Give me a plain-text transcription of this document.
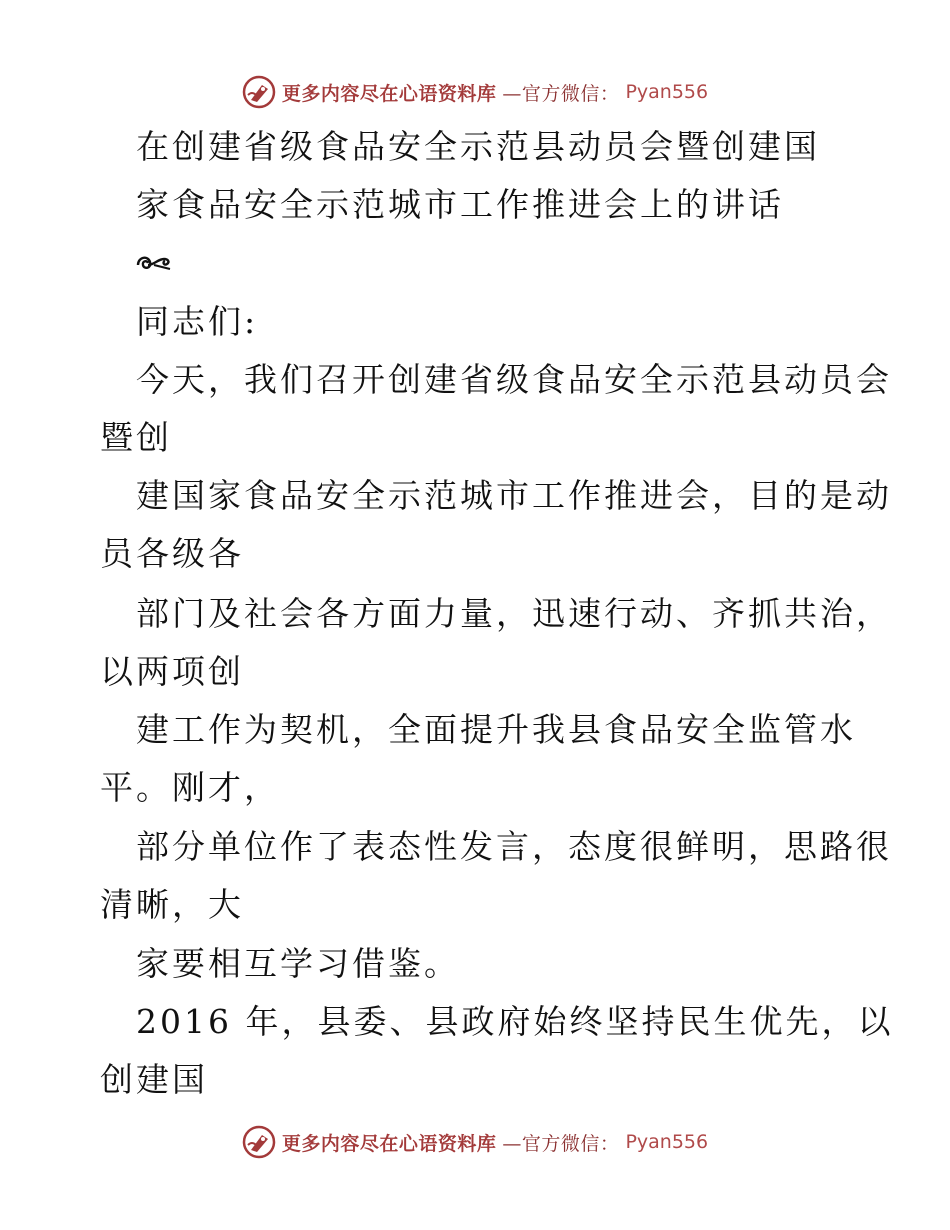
更多内容尽在心语资料库 —官方微信： Pyan556
在创建省级食品安全示范县动员会暨创建国
家食品安全示范城市工作推进会上的讲话
同志们:
今天，我们召开创建省级食品安全示范县动员会
暨创
建国家食品安全示范城市工作推进会，目的是动
员各级各
部门及社会各方面力量，迅速行动、齐抓共治，
以两项创
建工作为契机，全面提升我县食品安全监管水
平。刚才，
部分单位作了表态性发言，态度很鲜明，思路很
清晰，大
家要相互学习借鉴。
2016 年，县委、县政府始终坚持民生优先，以
创建国
更多内容尽在心语资料库 —官方微信： Pyan556
